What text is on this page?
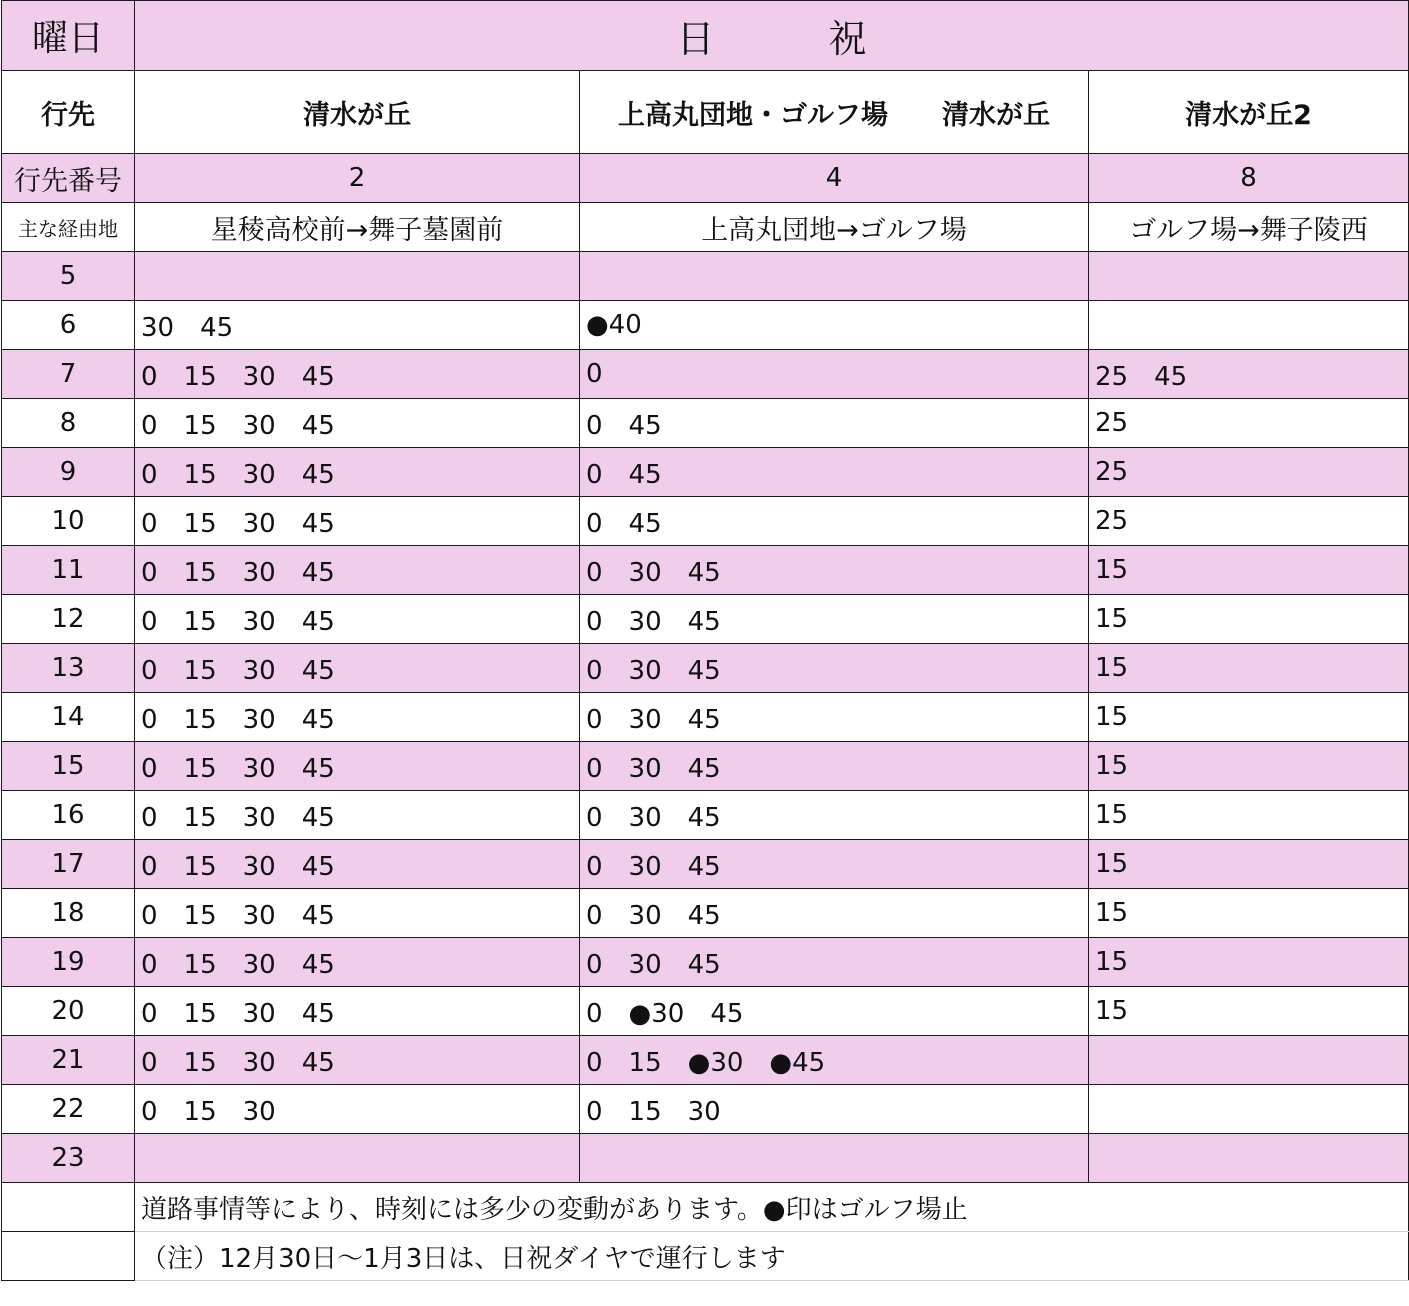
曜日	日　　　祝		
行先	清水が丘	上高丸団地・ゴルフ場　　清水が丘	清水が丘2
行先番号	2	4	8
主な経由地	星稜高校前→舞子墓園前	上高丸団地→ゴルフ場	ゴルフ場→舞子陵西
5			
6	30　45	●40	
7	0　15　30　45	0	25　45
8	0　15　30　45	0　45	25
9	0　15　30　45	0　45	25
10	0　15　30　45	0　45	25
11	0　15　30　45	0　30　45	15
12	0　15　30　45	0　30　45	15
13	0　15　30　45	0　30　45	15
14	0　15　30　45	0　30　45	15
15	0　15　30　45	0　30　45	15
16	0　15　30　45	0　30　45	15
17	0　15　30　45	0　30　45	15
18	0　15　30　45	0　30　45	15
19	0　15　30　45	0　30　45	15
20	0　15　30　45	0　●30　45	15
21	0　15　30　45	0　15　●30　●45	
22	0　15　30	0　15　30	
23			
	道路事情等により、時刻には多少の変動があります。●印はゴルフ場止		
	（注）12月30日～1月3日は、日祝ダイヤで運行します		
